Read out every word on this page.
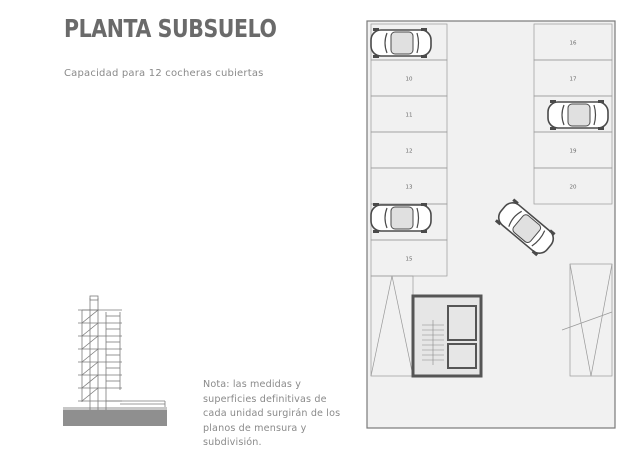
PLANTA SUBSUELO
Capacidad para 12 cocheras cubiertas
Nota: las medidas y superficies definitivas de cada unidad surgirán de los planos de mensura y subdivisión.
10
11
12
13
15
16
17
19
20
